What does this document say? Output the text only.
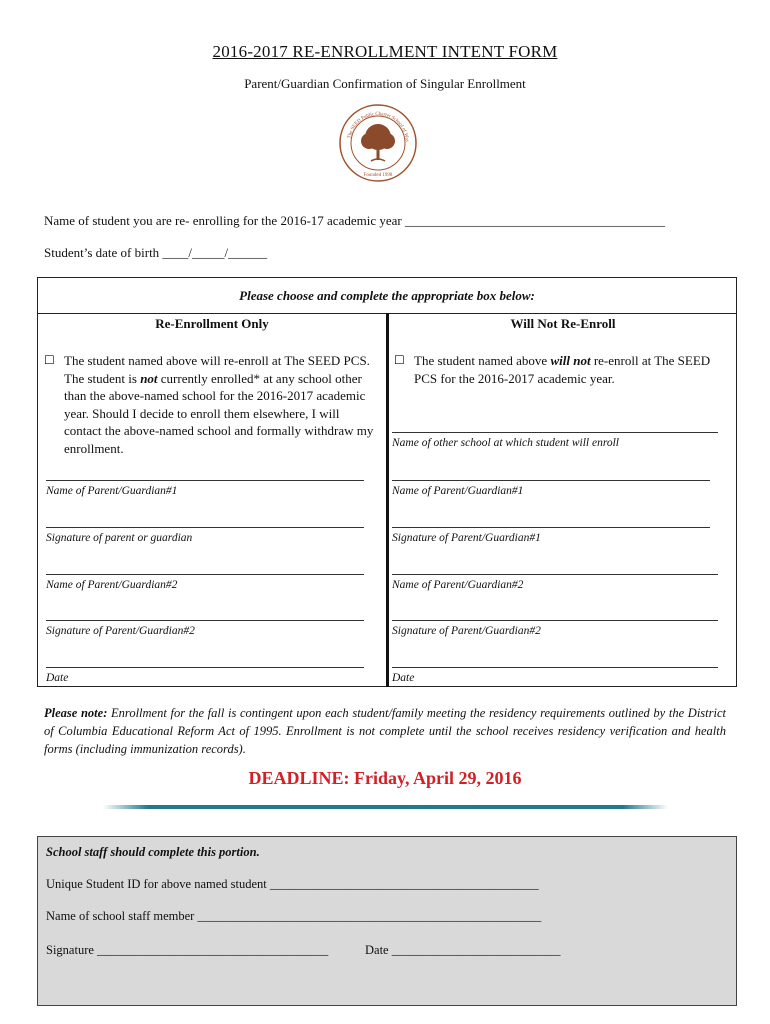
2016-2017 RE-ENROLLMENT INTENT FORM
Parent/Guardian Confirmation of Singular Enrollment
The SEED Public Charter School of Was
Founded 1998
Name of student you are re- enrolling for the 2016-17 academic year ________________________________________
Student’s date of birth ____/_____/______
Please choose and complete the appropriate box below:
Re-Enrollment Only	Will Not Re-Enroll
☐ The student named above will re-enroll at The SEED PCS. The student is not currently enrolled* at any school other than the above-named school for the 2016-2017 academic year. Should I decide to enroll them elsewhere, I will contact the above-named school and formally withdraw my enrollment.
Name of Parent/Guardian#1
Signature of parent or guardian
Name of Parent/Guardian#2
Signature of Parent/Guardian#2
Date
☐ The student named above will not re-enroll at The SEED PCS for the 2016-2017 academic year.
Name of other school at which student will enroll
Name of Parent/Guardian#1
Signature of Parent/Guardian#1
Name of Parent/Guardian#2
Signature of Parent/Guardian#2
Date
Please note: Enrollment for the fall is contingent upon each student/family meeting the residency requirements outlined by the District of Columbia Educational Reform Act of 1995. Enrollment is not complete until the school receives residency verification and health forms (including immunization records).
DEADLINE: Friday, April 29, 2016
School staff should complete this portion.
Unique Student ID for above named student ___________________________________________
Name of school staff member _______________________________________________________
Signature _____________________________________	Date ___________________________
